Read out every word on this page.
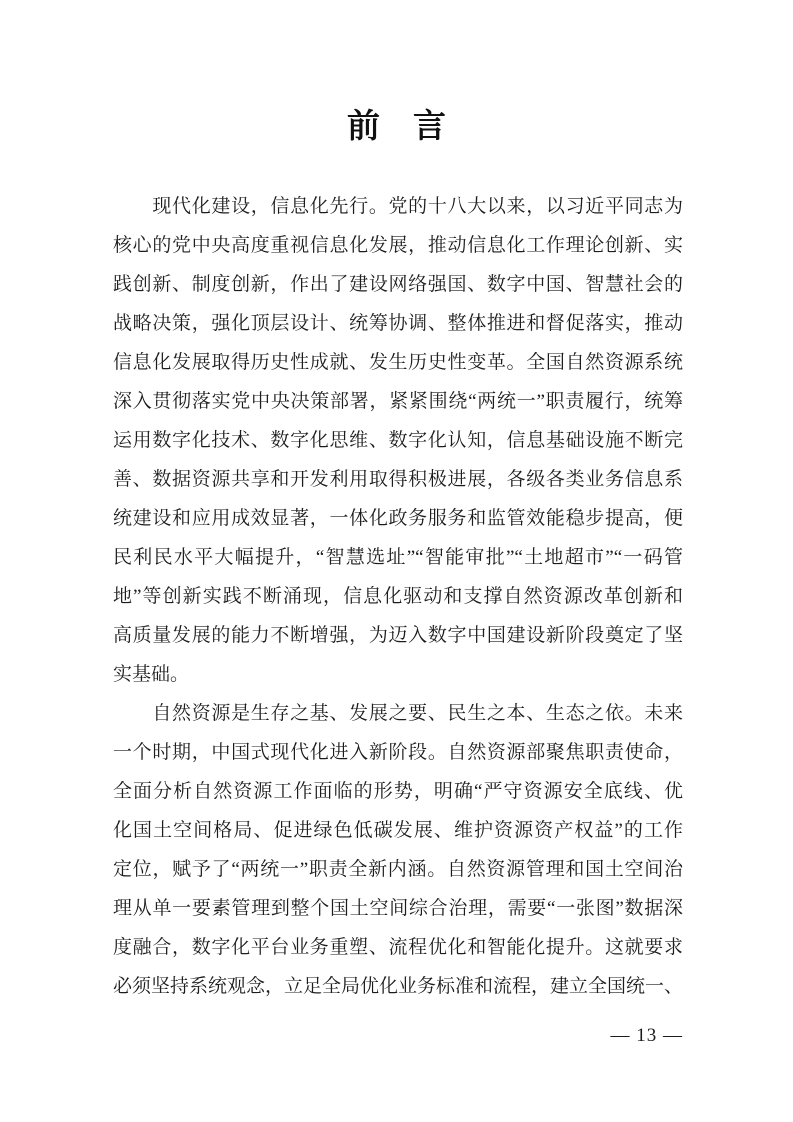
前　言
　　现代化建设，信息化先行。党的十八大以来，以习近平同志为
核心的党中央高度重视信息化发展，推动信息化工作理论创新、实
践创新、制度创新，作出了建设网络强国、数字中国、智慧社会的
战略决策，强化顶层设计、统筹协调、整体推进和督促落实，推动
信息化发展取得历史性成就、发生历史性变革。全国自然资源系统
深入贯彻落实党中央决策部署，紧紧围绕“两统一”职责履行，统筹
运用数字化技术、数字化思维、数字化认知，信息基础设施不断完
善、数据资源共享和开发利用取得积极进展，各级各类业务信息系
统建设和应用成效显著，一体化政务服务和监管效能稳步提高，便
民利民水平大幅提升，“智慧选址”“智能审批”“土地超市”“一码管
地”等创新实践不断涌现，信息化驱动和支撑自然资源改革创新和
高质量发展的能力不断增强，为迈入数字中国建设新阶段奠定了坚
实基础。
　　自然资源是生存之基、发展之要、民生之本、生态之依。未来
一个时期，中国式现代化进入新阶段。自然资源部聚焦职责使命，
全面分析自然资源工作面临的形势，明确“严守资源安全底线、优
化国土空间格局、促进绿色低碳发展、维护资源资产权益”的工作
定位，赋予了“两统一”职责全新内涵。自然资源管理和国土空间治
理从单一要素管理到整个国土空间综合治理，需要“一张图”数据深
度融合，数字化平台业务重塑、流程优化和智能化提升。这就要求
必须坚持系统观念，立足全局优化业务标准和流程，建立全国统一、
— 13 —
